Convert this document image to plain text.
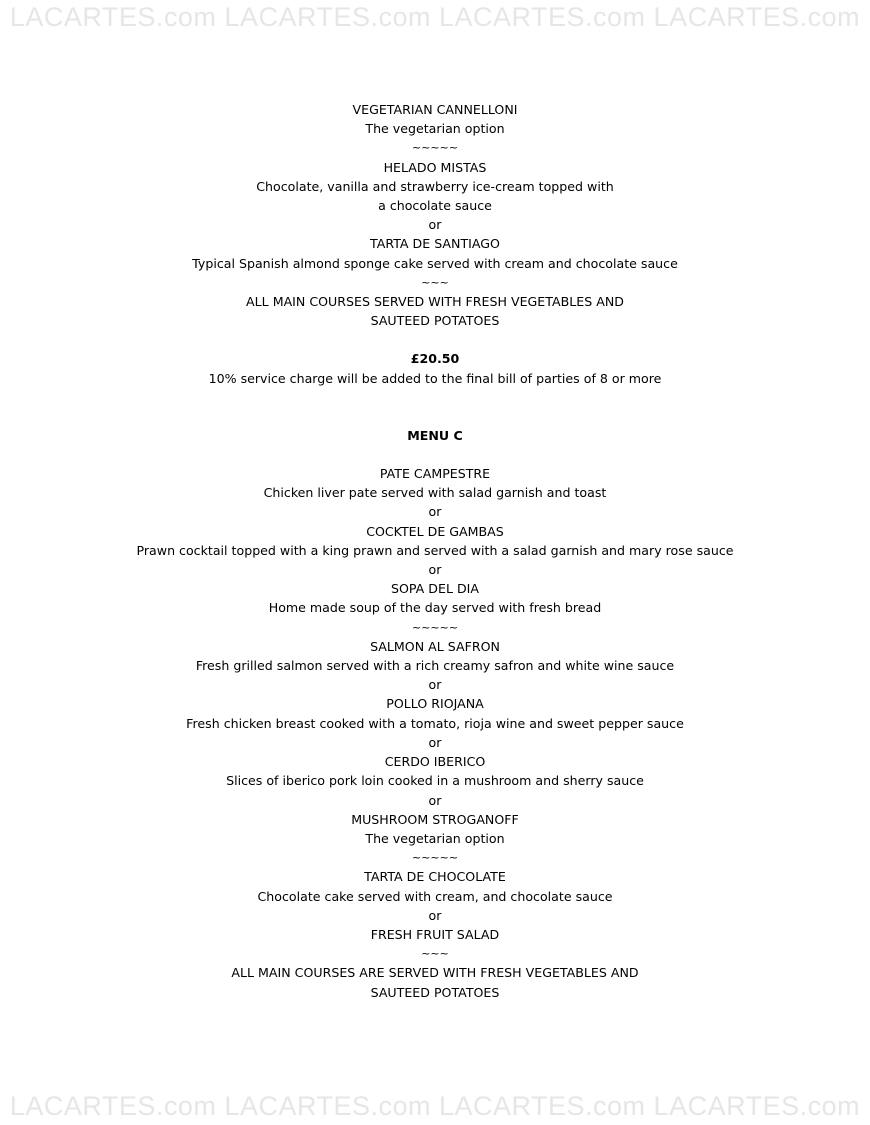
LACARTES.com LACARTES.com LACARTES.com LACARTES.com
VEGETARIAN CANNELLONI
The vegetarian option
~~~~~
HELADO MISTAS
Chocolate, vanilla and strawberry ice-cream topped with
a chocolate sauce
or
TARTA DE SANTIAGO
Typical Spanish almond sponge cake served with cream and chocolate sauce
~~~
ALL MAIN COURSES SERVED WITH FRESH VEGETABLES AND
SAUTEED POTATOES
£20.50
10% service charge will be added to the final bill of parties of 8 or more
MENU C
PATE CAMPESTRE
Chicken liver pate served with salad garnish and toast
or
COCKTEL DE GAMBAS
Prawn cocktail topped with a king prawn and served with a salad garnish and mary rose sauce
or
SOPA DEL DIA
Home made soup of the day served with fresh bread
~~~~~
SALMON AL SAFRON
Fresh grilled salmon served with a rich creamy safron and white wine sauce
or
POLLO RIOJANA
Fresh chicken breast cooked with a tomato, rioja wine and sweet pepper sauce
or
CERDO IBERICO
Slices of iberico pork loin cooked in a mushroom and sherry sauce
or
MUSHROOM STROGANOFF
The vegetarian option
~~~~~
TARTA DE CHOCOLATE
Chocolate cake served with cream, and chocolate sauce
or
FRESH FRUIT SALAD
~~~
ALL MAIN COURSES ARE SERVED WITH FRESH VEGETABLES AND
SAUTEED POTATOES
LACARTES.com LACARTES.com LACARTES.com LACARTES.com
